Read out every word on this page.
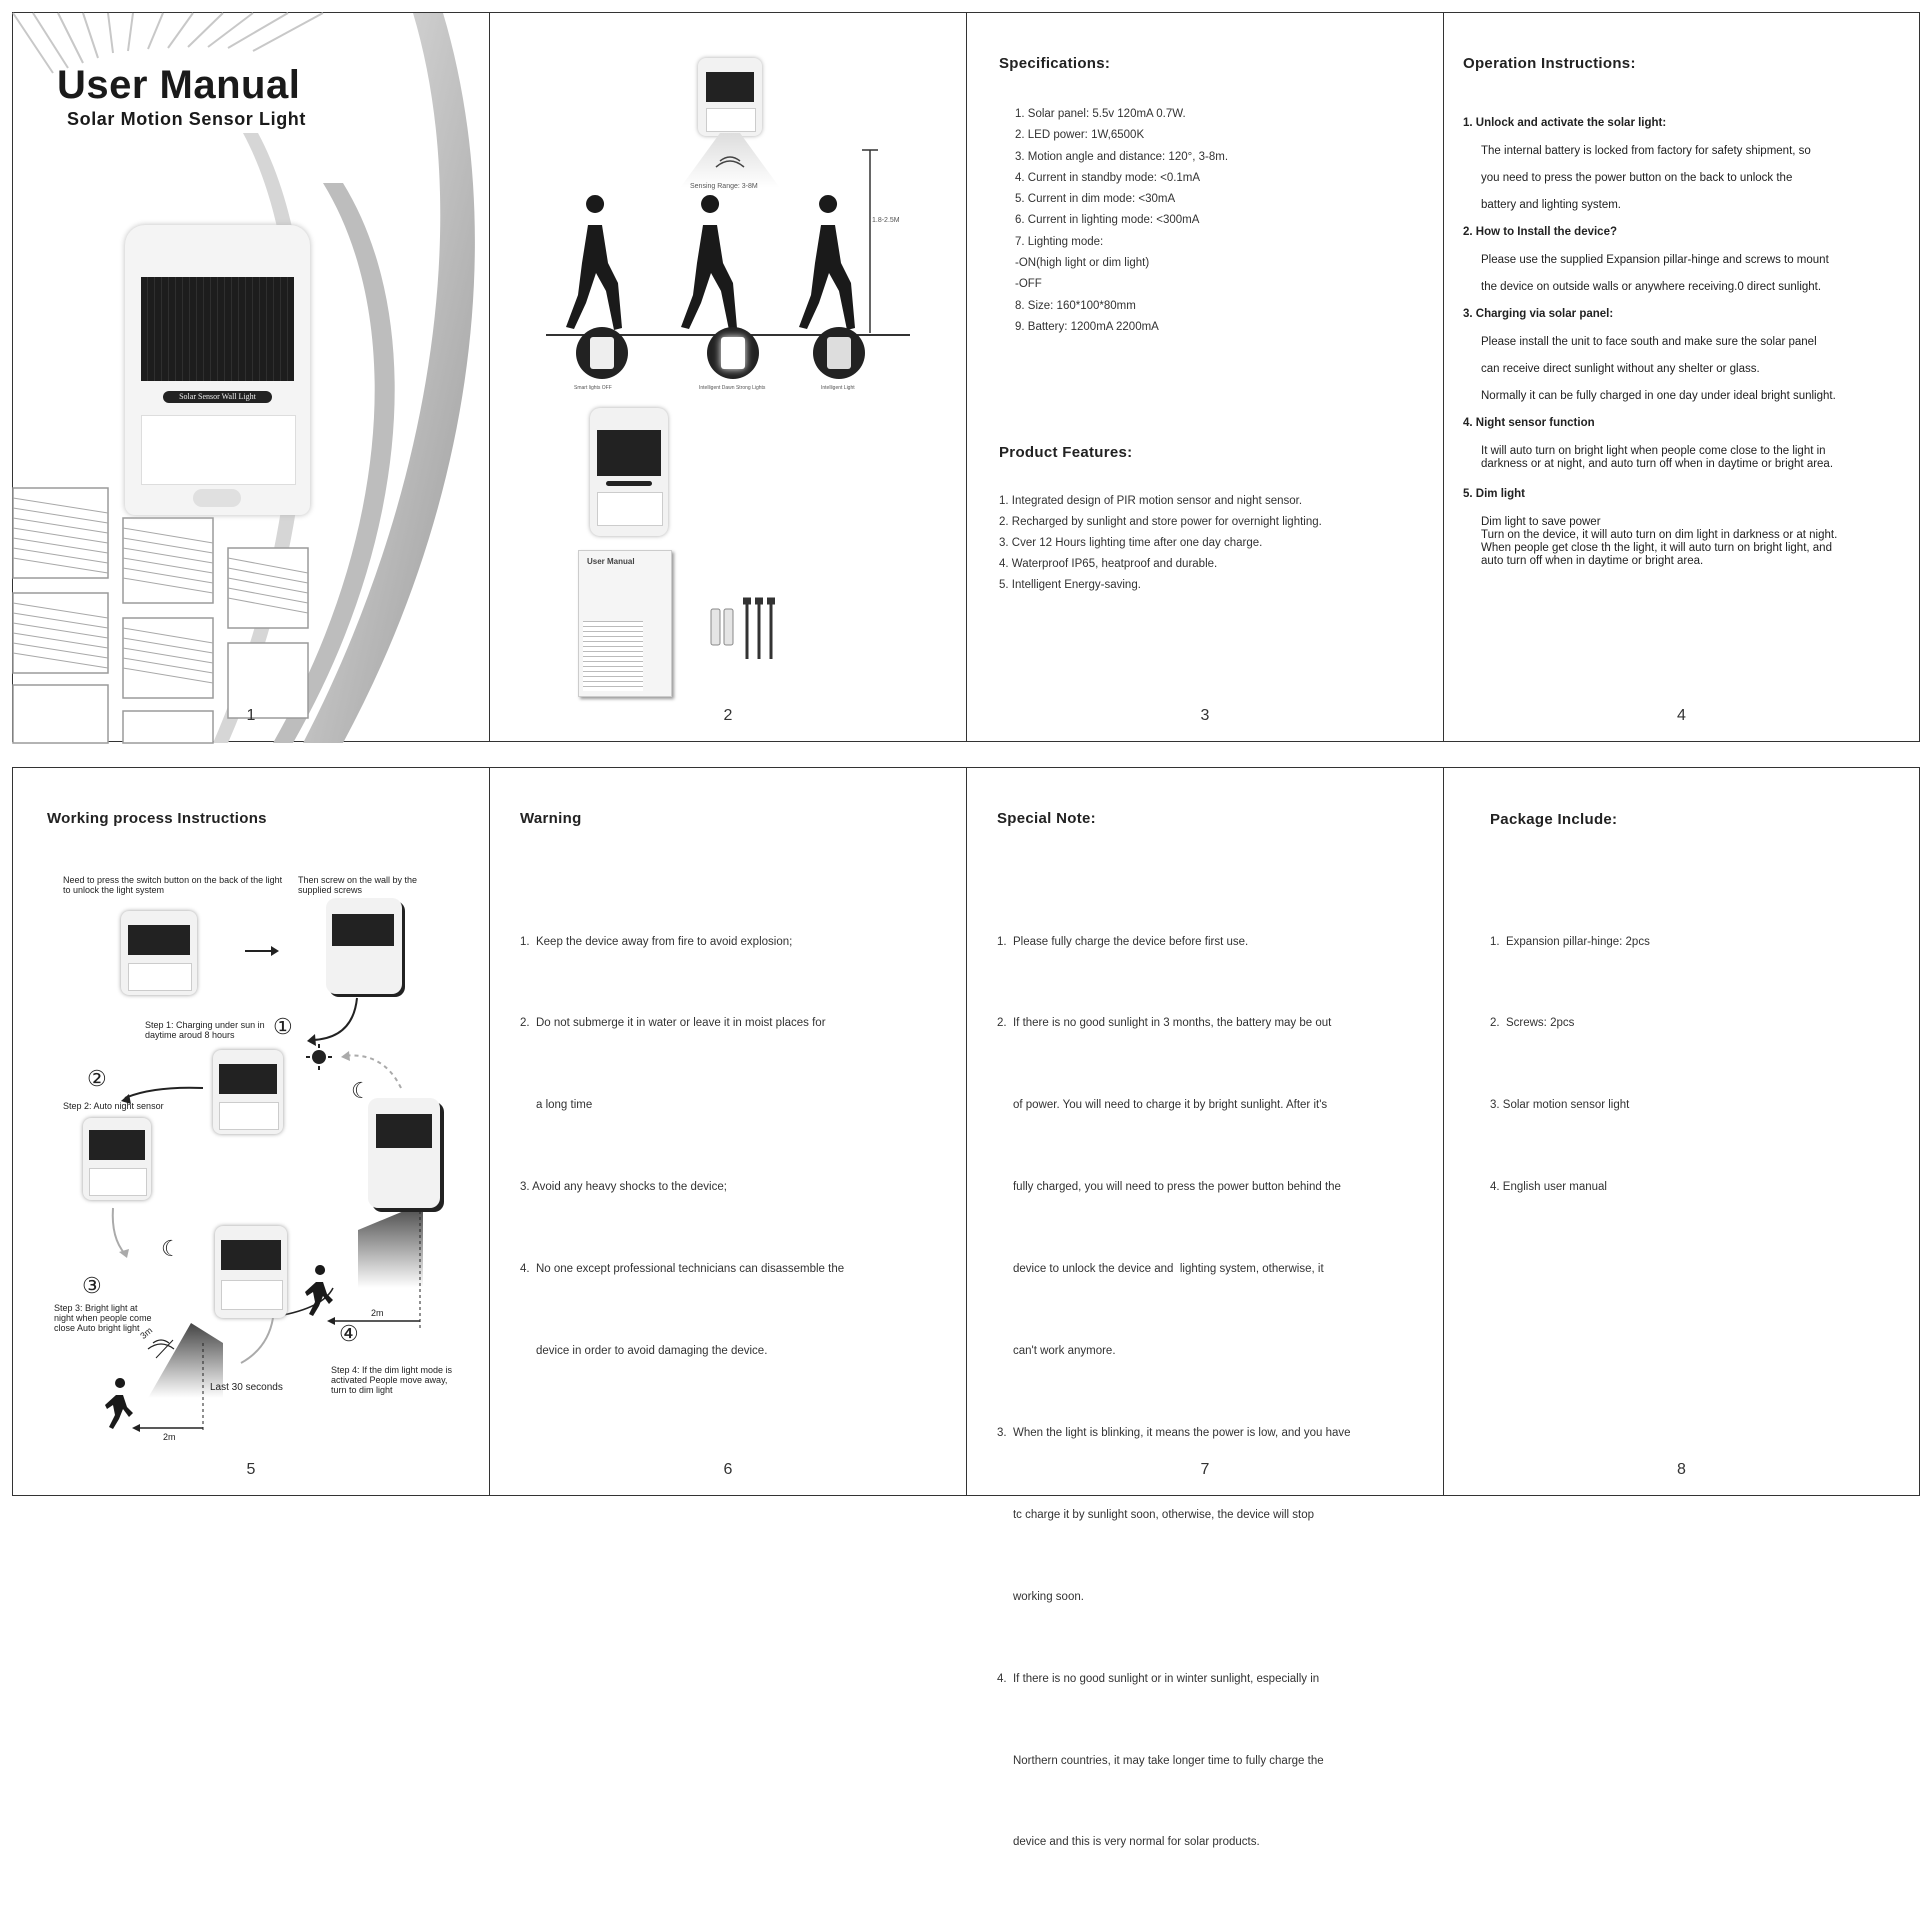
User Manual
Solar Motion Sensor Light
Solar Sensor Wall Light
1
Sensing Range: 3-8M
1.8-2.5M
Smart lights OFF	Intelligent Dawn Strong Lights	Intelligent Light
User Manual
2
Specifications:
1. Solar panel: 5.5v 120mA 0.7W.
2. LED power: 1W,6500K
3. Motion angle and distance: 120°, 3-8m.
4. Current in standby mode: <0.1mA
5. Current in dim mode: <30mA
6. Current in lighting mode: <300mA
7. Lighting mode:
-ON(high light or dim light)
-OFF
8. Size: 160*100*80mm
9. Battery: 1200mA 2200mA
Product Features:
1. Integrated design of PIR motion sensor and night sensor.
2. Recharged by sunlight and store power for overnight lighting.
3. Cver 12 Hours lighting time after one day charge.
4. Waterproof IP65, heatproof and durable.
5. Intelligent Energy-saving.
3
Operation Instructions:
1. Unlock and activate the solar light:
The internal battery is locked from factory for safety shipment, so
you need to press the power button on the back to unlock the
battery and lighting system.
2. How to Install the device?
Please use the supplied Expansion pillar-hinge and screws to mount
the device on outside walls or anywhere receiving.0 direct sunlight.
3. Charging via solar panel:
Please install the unit to face south and make sure the solar panel
can receive direct sunlight without any shelter or glass.
Normally it can be fully charged in one day under ideal bright sunlight.
4. Night sensor function
It will auto turn on bright light when people come close to the light in
darkness or at night, and auto turn off when in daytime or bright area.
5. Dim light
Dim light to save power
Turn on the device, it will auto turn on dim light in darkness or at night.
When people get close th the light, it will auto turn on bright light, and
auto turn off when in daytime or bright area.
4
Working process Instructions
Need to press the switch button on the back of the light to unlock the light system
Then screw on the wall by the supplied screws
Step 1: Charging under sun in daytime aroud 8 hours	①
②
Step 2: Auto night sensor
☾
☾
③
Step 3: Bright light at night when people come close Auto bright light	④
Step 4: If the dim light mode is activated People move away, turn to dim light
Last 30 seconds
2m
2m
3m
5
Warning

1.  Keep the device away from fire to avoid explosion;

2.  Do not submerge it in water or leave it in moist places for

a long time

3. Avoid any heavy shocks to the device;

4.  No one except professional technicians can disassemble the

device in order to avoid damaging the device.

6
Special Note:

1.  Please fully charge the device before first use.

2.  If there is no good sunlight in 3 months, the battery may be out

of power. You will need to charge it by bright sunlight. After it's

fully charged, you will need to press the power button behind the

device to unlock the device and  lighting system, otherwise, it

can't work anymore.

3.  When the light is blinking, it means the power is low, and you have

tc charge it by sunlight soon, otherwise, the device will stop

working soon.

4.  If there is no good sunlight or in winter sunlight, especially in

Northern countries, it may take longer time to fully charge the

device and this is very normal for solar products.

7
Package Include:

1.  Expansion pillar-hinge: 2pcs

2.  Screws: 2pcs

3. Solar motion sensor light

4. English user manual

8
